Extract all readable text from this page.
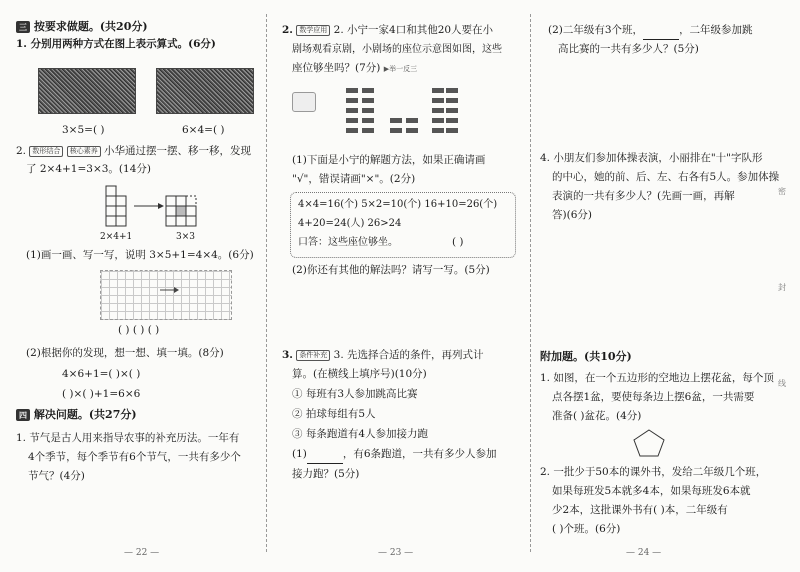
三 按要求做题。(共20分)

1. 分别用两种方式在图上表示算式。(6分)

3×5=( )	6×4=( )

2. 数形结合 核心素养 小华通过摆一摆、移一移，发现

了 2×4+1=3×3。(14分)

2×4+1	3×3

(1)画一画、写一写，说明 3×5+1=4×4。(6分)

( ) ( ) ( )

(2)根据你的发现，想一想、填一填。(8分)

4×6+1=( )×( )

( )×( )+1=6×6

四 解决问题。(共27分)

1. 节气是古人用来指导农事的补充历法。一年有

4个季节，每个季节有6个节气，一共有多少个

节气？(4分)

— 22 —

2. 数学应用 2. 小宁一家4口和其他20人要在小

剧场观看京剧，小剧场的座位示意图如图，这些

座位够坐吗？(7分) ▶举一反三

(1)下面是小宁的解题方法，如果正确请画

"√"，错误请画"×"。(2分)

4×4=16(个) 5×2=10(个) 16+10=26(个)

4+20=24(人) 26>24

口答：这些座位够坐。	( )

(2)你还有其他的解法吗？请写一写。(5分)

3. 条件补充 3. 先选择合适的条件，再列式计

算。(在横线上填序号)(10分)

① 每班有3人参加跳高比赛

② 拍球每组有5人

③ 每条跑道有4人参加接力跑

(1)	，有6条跑道，一共有多少人参加

接力跑？(5分)

— 23 —

(2)二年级有3个班，	，二年级参加跳

高比赛的一共有多少人？(5分)

4. 小朋友们参加体操表演，小丽排在"十"字队形

的中心，她的前、后、左、右各有5人。参加体操

表演的一共有多少人？(先画一画，再解

答)(6分)

附加题。(共10分)

1. 如图，在一个五边形的空地边上摆花盆，每个顶

点各摆1盆，要使每条边上摆6盆，一共需要

准备( )盆花。(4分)

2. 一批少于50本的课外书，发给二年级几个班，

如果每班发5本就多4本，如果每班发6本就

少2本，这批课外书有( )本，二年级有

( )个班。(6分)

— 24 —
密
封
线
